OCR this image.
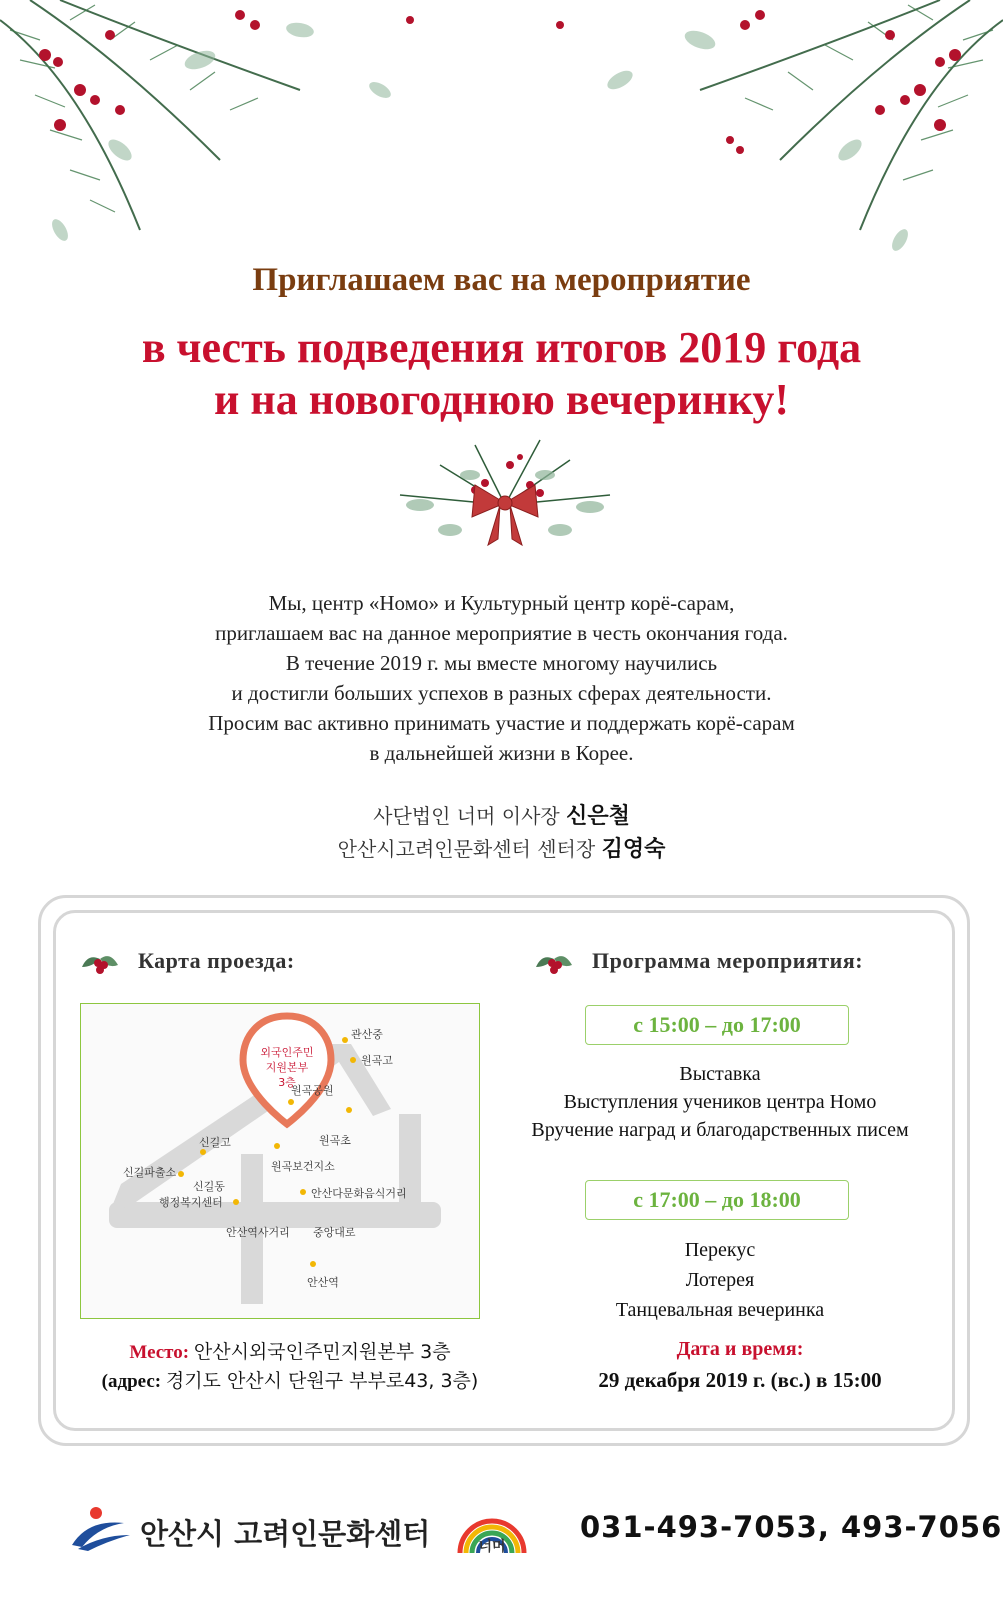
Приглашаем вас на мероприятие
в честь подведения итогов 2019 года
и на новогоднюю вечеринку!
Мы, центр «Номо» и Культурный центр корё-сарам,
приглашаем вас на данное мероприятие в честь окончания года.
В течение 2019 г. мы вместе многому научились
и достигли больших успехов в разных сферах деятельности.
Просим вас активно принимать участие и поддержать корё-сарам
в дальнейшей жизни в Корее.
사단법인 너머 이사장 신은철
안산시고려인문화센터 센터장 김영숙
Карта проезда:
외국인주민
지원본부
3층
관산중
원곡고
원곡공원
원곡초
신길고
원곡보건지소
신길파출소
신길동
행정복지센터
안산다문화음식거리
안산역사거리 중앙대로
안산역
Место: 안산시외국인주민지원본부 3층
(адрес: 경기도 안산시 단원구 부부로43, 3층)
Программа мероприятия:
с 15:00 – до 17:00
Выставка
Выступления учеников центра Номо
Вручение наград и благодарственных писем
с 17:00 – до 18:00
Перекус
Лотерея
Танцевальная вечеринка
Дата и время:
29 декабря 2019 г. (вс.) в 15:00
안산시 고려인문화센터	너머
031-493-7053, 493-7056
